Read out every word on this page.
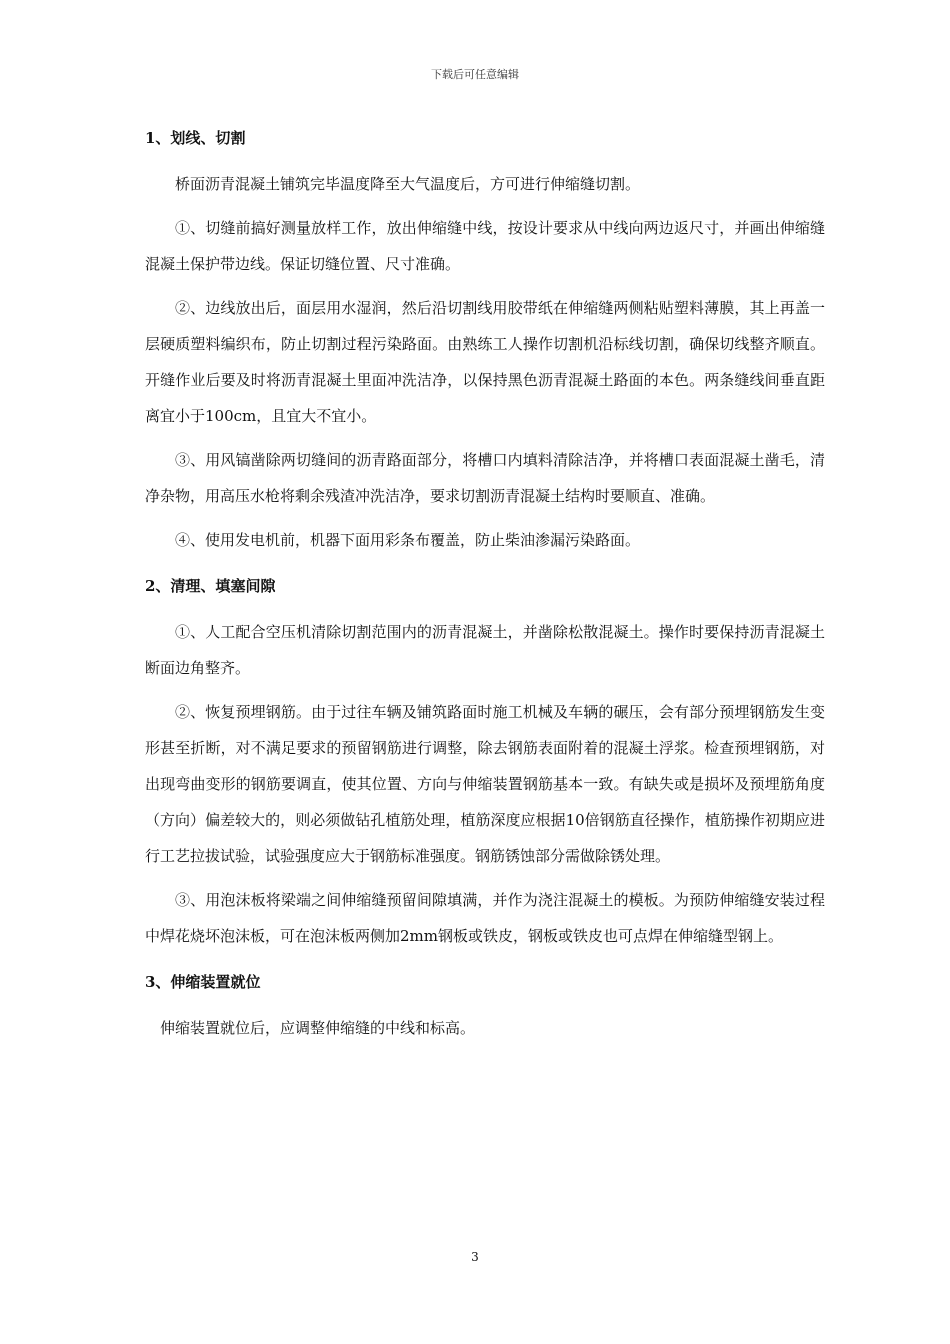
下载后可任意编辑

1、划线、切割

桥面沥青混凝土铺筑完毕温度降至大气温度后，方可进行伸缩缝切割。

①、切缝前搞好测量放样工作，放出伸缩缝中线，按设计要求从中线向两边返尺寸，并画出伸缩缝混凝土保护带边线。保证切缝位置、尺寸准确。

②、边线放出后，面层用水湿润，然后沿切割线用胶带纸在伸缩缝两侧粘贴塑料薄膜，其上再盖一层硬质塑料编织布，防止切割过程污染路面。由熟练工人操作切割机沿标线切割，确保切线整齐顺直。开缝作业后要及时将沥青混凝土里面冲洗洁净，以保持黑色沥青混凝土路面的本色。两条缝线间垂直距离宜小于100cm，且宜大不宜小。

③、用风镐凿除两切缝间的沥青路面部分，将槽口内填料清除洁净，并将槽口表面混凝土凿毛，清净杂物，用高压水枪将剩余残渣冲洗洁净，要求切割沥青混凝土结构时要顺直、准确。

④、使用发电机前，机器下面用彩条布覆盖，防止柴油渗漏污染路面。

2、清理、填塞间隙

①、人工配合空压机清除切割范围内的沥青混凝土，并凿除松散混凝土。操作时要保持沥青混凝土断面边角整齐。

②、恢复预埋钢筋。由于过往车辆及铺筑路面时施工机械及车辆的碾压，会有部分预埋钢筋发生变形甚至折断，对不满足要求的预留钢筋进行调整，除去钢筋表面附着的混凝土浮浆。检查预埋钢筋，对出现弯曲变形的钢筋要调直，使其位置、方向与伸缩装置钢筋基本一致。有缺失或是损坏及预埋筋角度（方向）偏差较大的，则必须做钻孔植筋处理，植筋深度应根据10倍钢筋直径操作，植筋操作初期应进行工艺拉拔试验，试验强度应大于钢筋标准强度。钢筋锈蚀部分需做除锈处理。

③、用泡沫板将梁端之间伸缩缝预留间隙填满，并作为浇注混凝土的模板。为预防伸缩缝安装过程中焊花烧坏泡沫板，可在泡沫板两侧加2mm钢板或铁皮，钢板或铁皮也可点焊在伸缩缝型钢上。

3、伸缩装置就位

伸缩装置就位后，应调整伸缩缝的中线和标高。

3
